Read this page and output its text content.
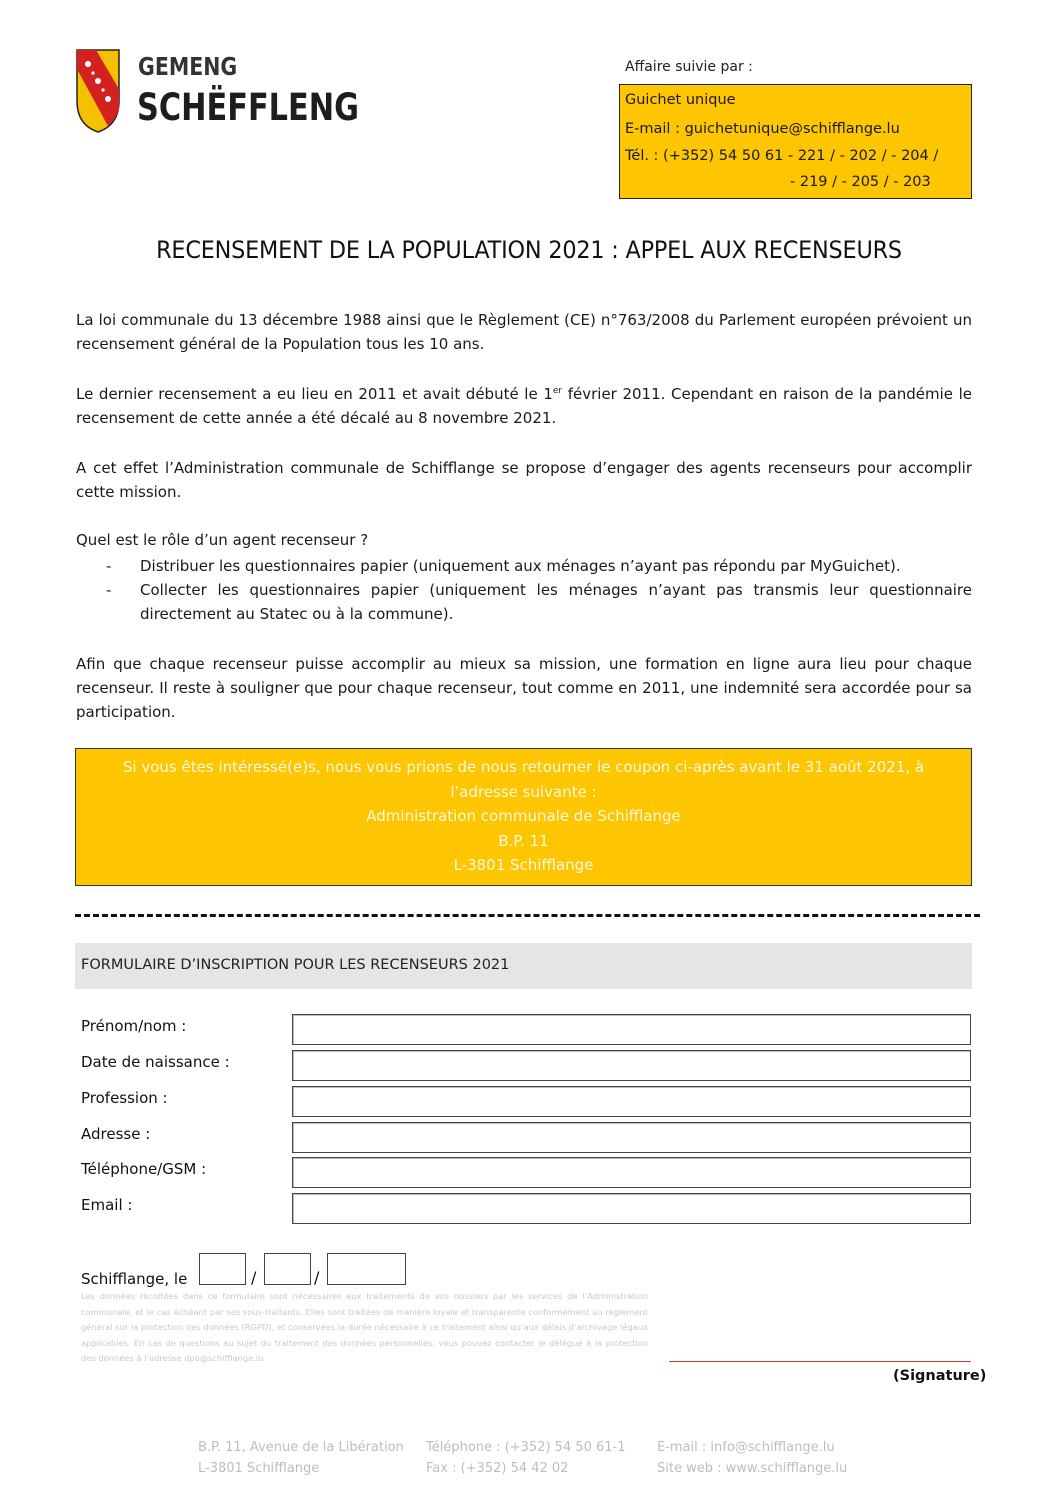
GEMENG
SCHËFFLENG
Affaire suivie par :
Guichet unique
E-mail : guichetunique@schifflange.lu
Tél. : (+352) 54 50 61 - 221 / - 202 / - 204 /
- 219 / - 205 / - 203
RECENSEMENT DE LA POPULATION 2021 : APPEL AUX RECENSEURS
La loi communale du 13 décembre 1988 ainsi que le Règlement (CE) n°763/2008 du Parlement européen prévoient un recensement général de la Population tous les 10 ans.
Le dernier recensement a eu lieu en 2011 et avait débuté le 1er février 2011. Cependant en raison de la pandémie le recensement de cette année a été décalé au 8 novembre 2021.
A cet effet l’Administration communale de Schifflange se propose d’engager des agents recenseurs pour accomplir cette mission.
Quel est le rôle d’un agent recenseur ?
- Distribuer les questionnaires papier (uniquement aux ménages n’ayant pas répondu par MyGuichet).
- Collecter les questionnaires papier (uniquement les ménages n’ayant pas transmis leur questionnaire directement au Statec ou à la commune).
Afin que chaque recenseur puisse accomplir au mieux sa mission, une formation en ligne aura lieu pour chaque recenseur. Il reste à souligner que pour chaque recenseur, tout comme en 2011, une indemnité sera accordée pour sa participation.
Si vous êtes intéressé(e)s, nous vous prions de nous retourner le coupon ci-après avant le 31 août 2021, à
l’adresse suivante :
Administration communale de Schifflange
B.P. 11
L-3801 Schifflange
FORMULAIRE D’INSCRIPTION POUR LES RECENSEURS 2021
Prénom/nom :
Date de naissance :
Profession :
Adresse :
Téléphone/GSM :
Email :
Schifflange, le	/	/
Les données récoltées dans ce formulaire sont nécessaires aux traitements de vos dossiers par les services de l’Administration communale, et le cas échéant par ses sous-traitants. Elles sont traitées de manière loyale et transparente conformément au règlement général sur la protection des données (RGPD), et conservées la durée nécessaire à ce traitement ainsi qu’aux délais d’archivage légaux applicables. En cas de questions au sujet du traitement des données personnelles, vous pouvez contacter le délégué à la protection des données à l’adresse dpo@schifflange.lu
(Signature)
B.P. 11, Avenue de la Libération
L-3801 Schifflange
Téléphone : (+352) 54 50 61-1
Fax : (+352) 54 42 02
E-mail : info@schifflange.lu
Site web : www.schifflange.lu
